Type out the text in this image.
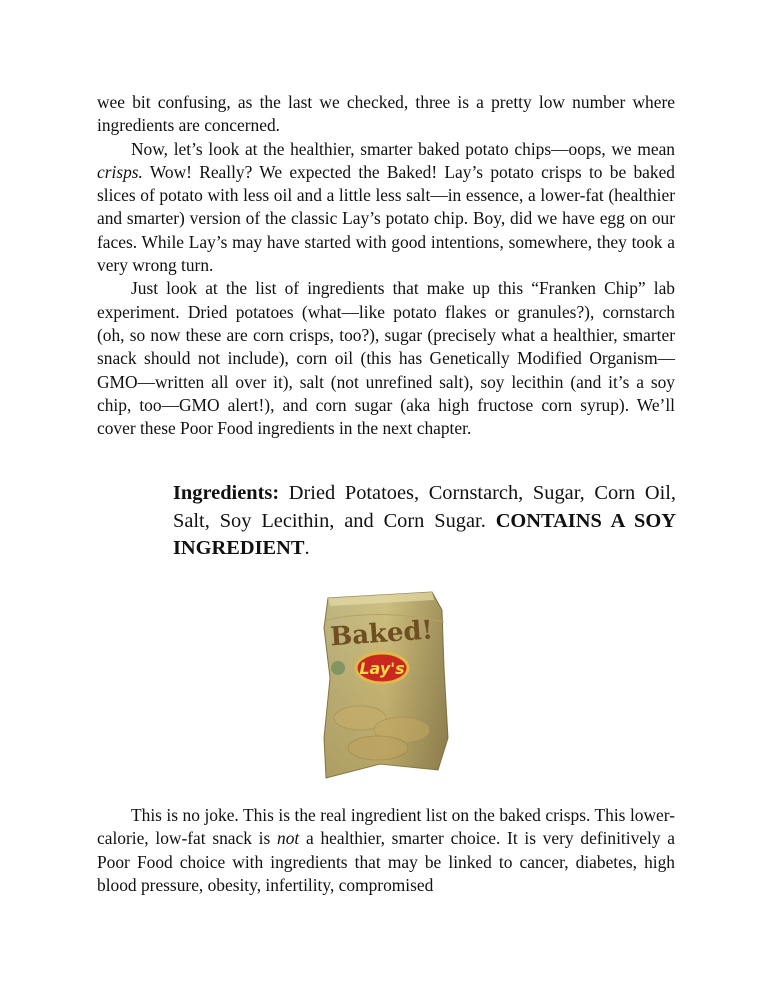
wee bit confusing, as the last we checked, three is a pretty low number where ingredients are concerned.

Now, let’s look at the healthier, smarter baked potato chips—oops, we mean crisps. Wow! Really? We expected the Baked! Lay’s potato crisps to be baked slices of potato with less oil and a little less salt—in essence, a lower-fat (healthier and smarter) version of the classic Lay’s potato chip. Boy, did we have egg on our faces. While Lay’s may have started with good intentions, somewhere, they took a very wrong turn.

Just look at the list of ingredients that make up this “Franken Chip” lab experiment. Dried potatoes (what—like potato flakes or granules?), cornstarch (oh, so now these are corn crisps, too?), sugar (precisely what a healthier, smarter snack should not include), corn oil (this has Genetically Modified Organism—GMO—written all over it), salt (not unrefined salt), soy lecithin (and it’s a soy chip, too—GMO alert!), and corn sugar (aka high fructose corn syrup). We’ll cover these Poor Food ingredients in the next chapter.

Ingredients: Dried Potatoes, Cornstarch, Sugar, Corn Oil, Salt, Soy Lecithin, and Corn Sugar. CONTAINS A SOY INGREDIENT.
Baked!
Lay's

This is no joke. This is the real ingredient list on the baked crisps. This lower-calorie, low-fat snack is not a healthier, smarter choice. It is very definitively a Poor Food choice with ingredients that may be linked to cancer, diabetes, high blood pressure, obesity, infertility, compromised
